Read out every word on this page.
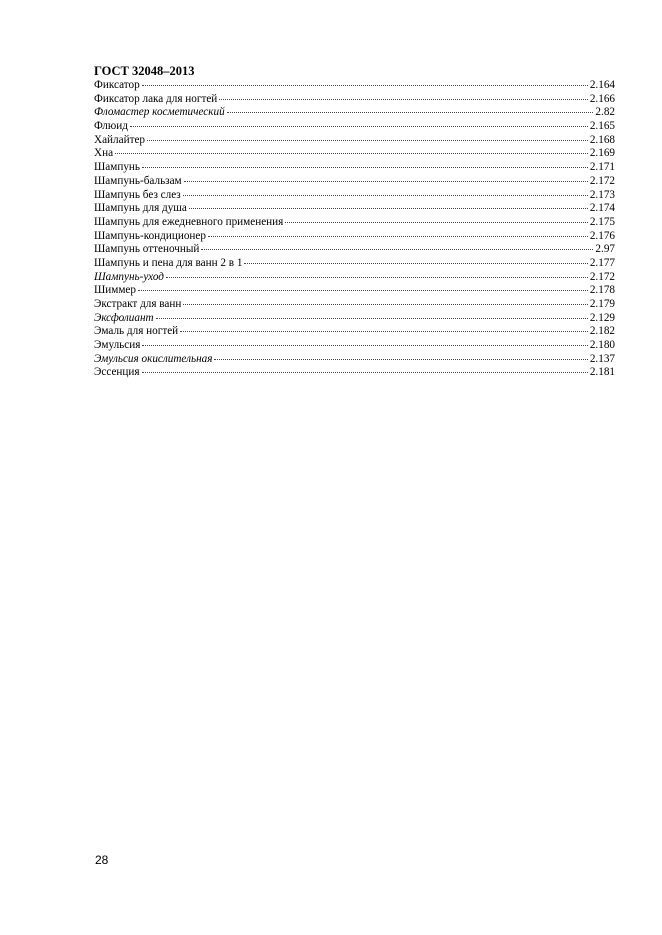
ГОСТ 32048–2013
Фиксатор	2.164
Фиксатор лака для ногтей	2.166
Фломастер косметический	2.82
Флюид	2.165
Хайлайтер	2.168
Хна	2.169
Шампунь	2.171
Шампунь-бальзам	2.172
Шампунь без слез	2.173
Шампунь для душа	2.174
Шампунь для ежедневного применения	2.175
Шампунь-кондиционер	2.176
Шампунь оттеночный	2.97
Шампунь и пена для ванн 2 в 1	2.177
Шампунь-уход	2.172
Шиммер	2.178
Экстракт для ванн	2.179
Эксфолиант	2.129
Эмаль для ногтей	2.182
Эмульсия	2.180
Эмульсия окислительная	2.137
Эссенция	2.181
28
